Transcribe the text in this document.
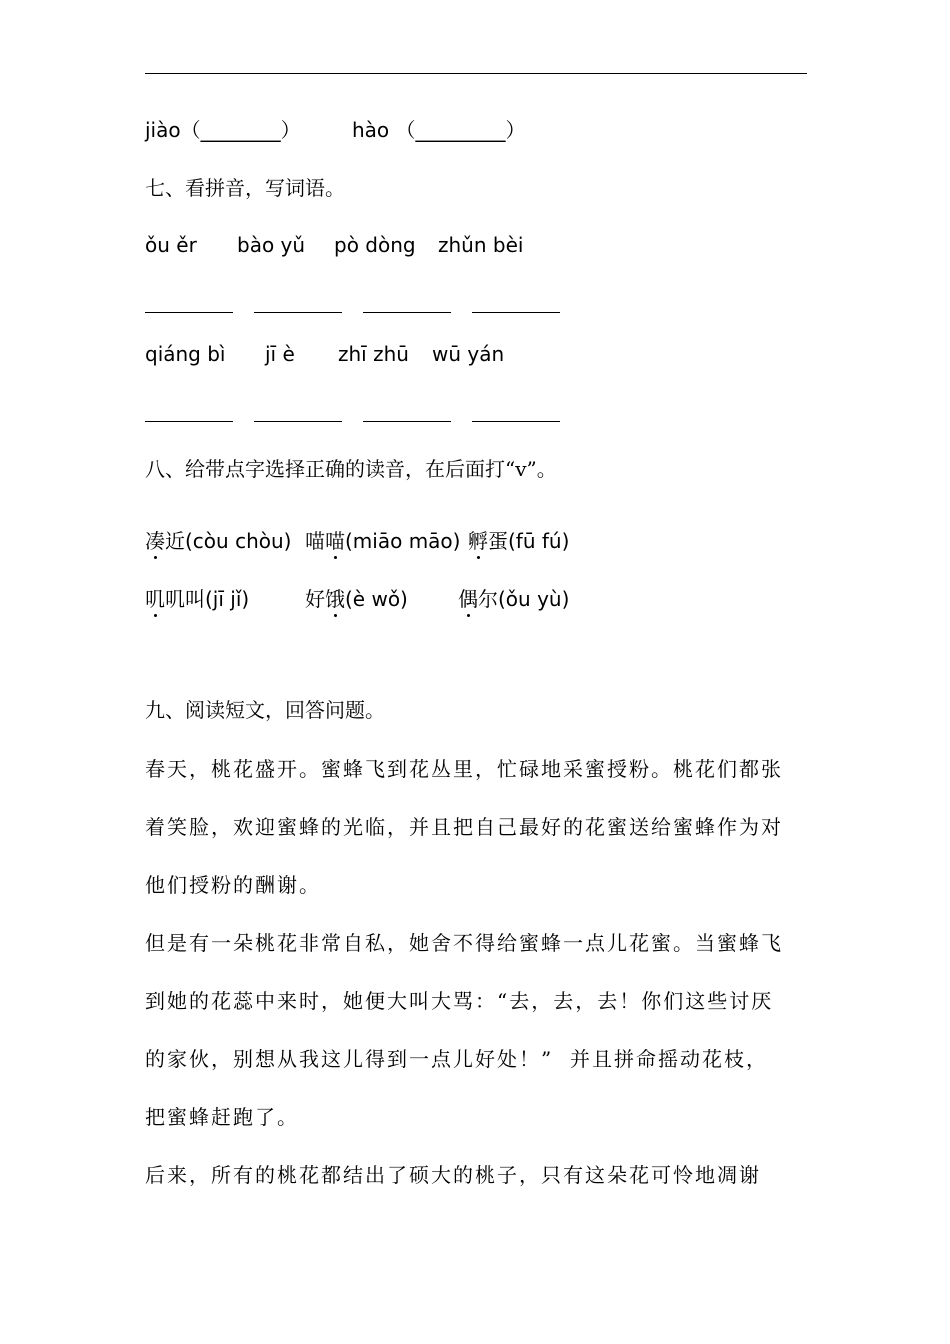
jiào（________）	hào （_________）
七、看拼音，写词语。
ǒu ěr bào yǔ pò dòng zhǔn bèi
qiáng bì jī è zhī zhū wū yán
八、给带点字选择正确的读音，在后面打“v”。
凑近(còu chòu) 喵喵(miāo māo) 孵蛋(fū fú)
叽叽叫(jī jǐ)	好饿(è wǒ)	偶尔(ǒu yù)
九、阅读短文，回答问题。
春天，桃花盛开。蜜蜂飞到花丛里，忙碌地采蜜授粉。桃花们都张
着笑脸，欢迎蜜蜂的光临，并且把自己最好的花蜜送给蜜蜂作为对
他们授粉的酬谢。
但是有一朵桃花非常自私，她舍不得给蜜蜂一点儿花蜜。当蜜蜂飞
到她的花蕊中来时，她便大叫大骂：“去，去，去！你们这些讨厌
的家伙，别想从我这儿得到一点儿好处！”  并且拼命摇动花枝，
把蜜蜂赶跑了。
后来，所有的桃花都结出了硕大的桃子，只有这朵花可怜地凋谢
